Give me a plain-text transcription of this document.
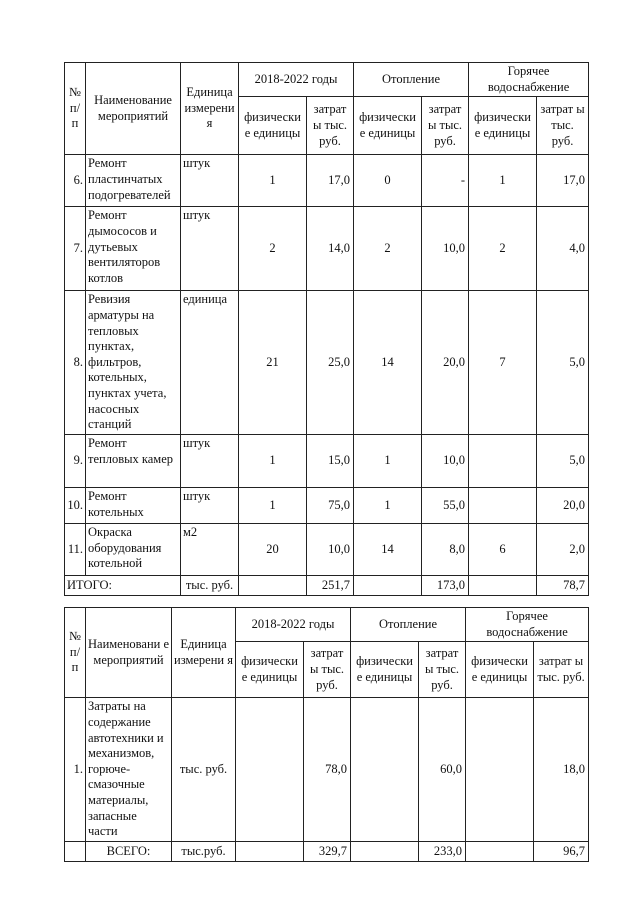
№ п/ п	Наименование мероприятий	Единица измерени я	2018-2022 годы		Отопление		Горячее водоснабжение	
			физически е единицы	затрат ы тыс. руб.	физически е единицы	затрат ы тыс. руб.	физически е единицы	затрат ы тыс. руб.
6.	Ремонт пластинчатых подогревателей	штук	1	17,0	0	-	1	17,0
7.	Ремонт дымососов и дутьевых вентиляторов котлов	штук	2	14,0	2	10,0	2	4,0
8.	Ревизия арматуры на тепловых пунктах, фильтров, котельных, пунктах учета, насосных станций	единица	21	25,0	14	20,0	7	5,0
9.	Ремонт тепловых камер	штук	1	15,0	1	10,0		5,0
10.	Ремонт котельных	штук	1	75,0	1	55,0		20,0
11.	Окраска оборудования котельной	м2	20	10,0	14	8,0	6	2,0
ИТОГО:		тыс. руб.		251,7		173,0		78,7
№ п/ п	Наименовани е мероприятий	Единица измерени я	2018-2022 годы		Отопление		Горячее водоснабжение	
			физически е единицы	затрат ы тыс. руб.	физически е единицы	затрат ы тыс. руб.	физически е единицы	затрат ы тыс. руб.
1.	Затраты на содержание автотехники и механизмов, горюче-смазочные материалы, запасные части	тыс. руб.		78,0		60,0		18,0
	ВСЕГО:	тыс.руб.		329,7		233,0		96,7
